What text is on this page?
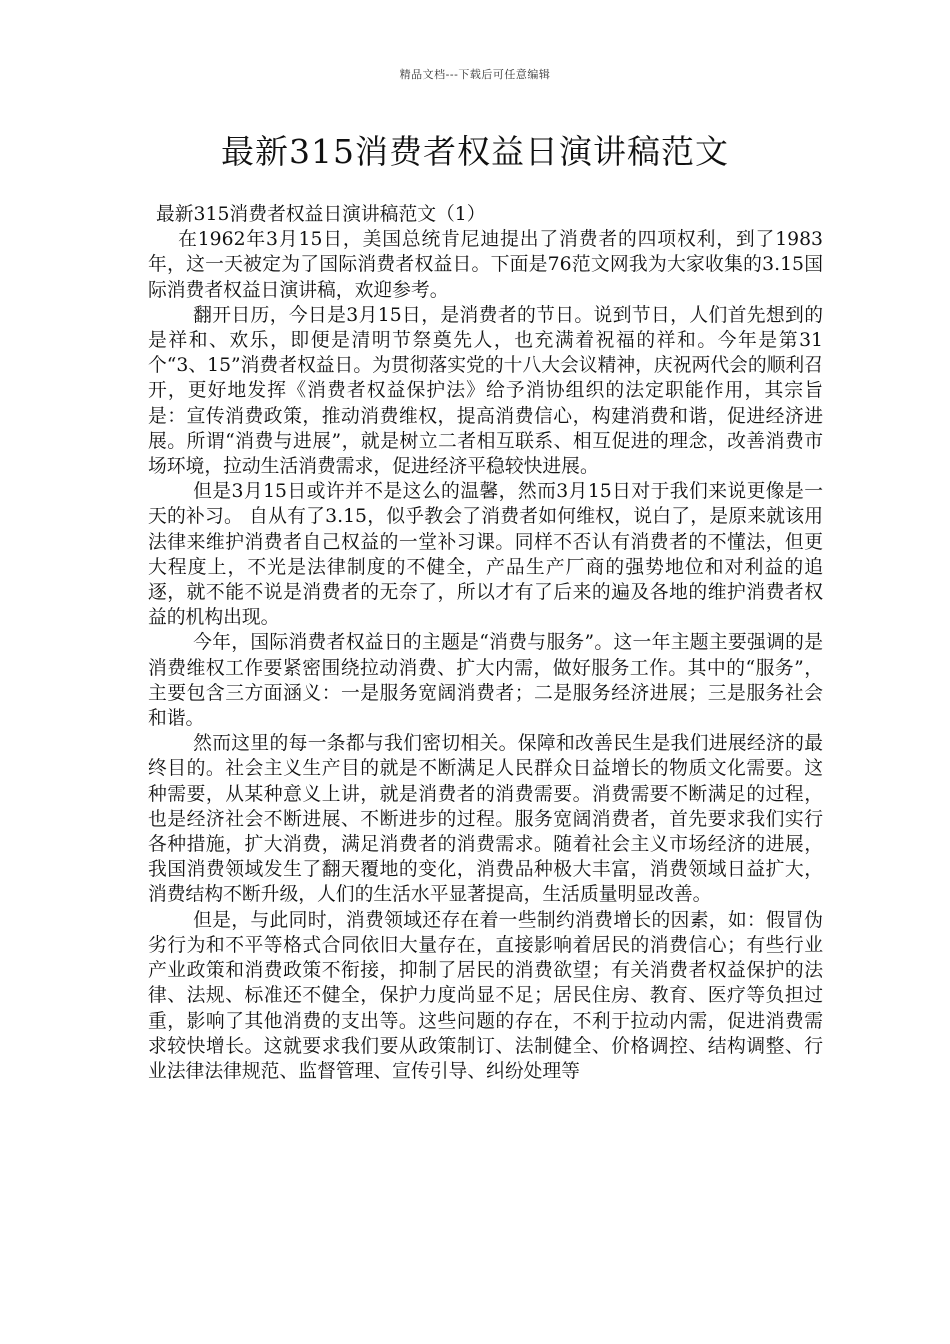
精品文档---下载后可任意编辑
最新315消费者权益日演讲稿范文

最新315消费者权益日演讲稿范文（1）

在1962年3月15日，美国总统肯尼迪提出了消费者的四项权利，到了1983年，这一天被定为了国际消费者权益日。下面是76范文网我为大家收集的3.15国际消费者权益日演讲稿，欢迎参考。

翻开日历，今日是3月15日，是消费者的节日。说到节日，人们首先想到的是祥和、欢乐，即便是清明节祭奠先人，也充满着祝福的祥和。今年是第31个“3、15”消费者权益日。为贯彻落实党的十八大会议精神，庆祝两代会的顺利召开，更好地发挥《消费者权益保护法》给予消协组织的法定职能作用，其宗旨是：宣传消费政策，推动消费维权，提高消费信心，构建消费和谐，促进经济进展。所谓“消费与进展”，就是树立二者相互联系、相互促进的理念，改善消费市场环境，拉动生活消费需求，促进经济平稳较快进展。

但是3月15日或许并不是这么的温馨，然而3月15日对于我们来说更像是一天的补习。 自从有了3.15，似乎教会了消费者如何维权，说白了，是原来就该用法律来维护消费者自己权益的一堂补习课。同样不否认有消费者的不懂法，但更大程度上，不光是法律制度的不健全，产品生产厂商的强势地位和对利益的追逐，就不能不说是消费者的无奈了，所以才有了后来的遍及各地的维护消费者权益的机构出现。

今年，国际消费者权益日的主题是“消费与服务”。这一年主题主要强调的是消费维权工作要紧密围绕拉动消费、扩大内需，做好服务工作。其中的“服务”，主要包含三方面涵义：一是服务宽阔消费者；二是服务经济进展；三是服务社会和谐。

然而这里的每一条都与我们密切相关。保障和改善民生是我们进展经济的最终目的。社会主义生产目的就是不断满足人民群众日益增长的物质文化需要。这种需要，从某种意义上讲，就是消费者的消费需要。消费需要不断满足的过程，也是经济社会不断进展、不断进步的过程。服务宽阔消费者，首先要求我们实行各种措施，扩大消费，满足消费者的消费需求。随着社会主义市场经济的进展，我国消费领域发生了翻天覆地的变化，消费品种极大丰富，消费领域日益扩大，消费结构不断升级，人们的生活水平显著提高，生活质量明显改善。

但是，与此同时，消费领域还存在着一些制约消费增长的因素，如：假冒伪劣行为和不平等格式合同依旧大量存在，直接影响着居民的消费信心；有些行业产业政策和消费政策不衔接，抑制了居民的消费欲望；有关消费者权益保护的法律、法规、标准还不健全，保护力度尚显不足；居民住房、教育、医疗等负担过重，影响了其他消费的支出等。这些问题的存在，不利于拉动内需，促进消费需求较快增长。这就要求我们要从政策制订、法制健全、价格调控、结构调整、行业法律法律规范、监督管理、宣传引导、纠纷处理等
